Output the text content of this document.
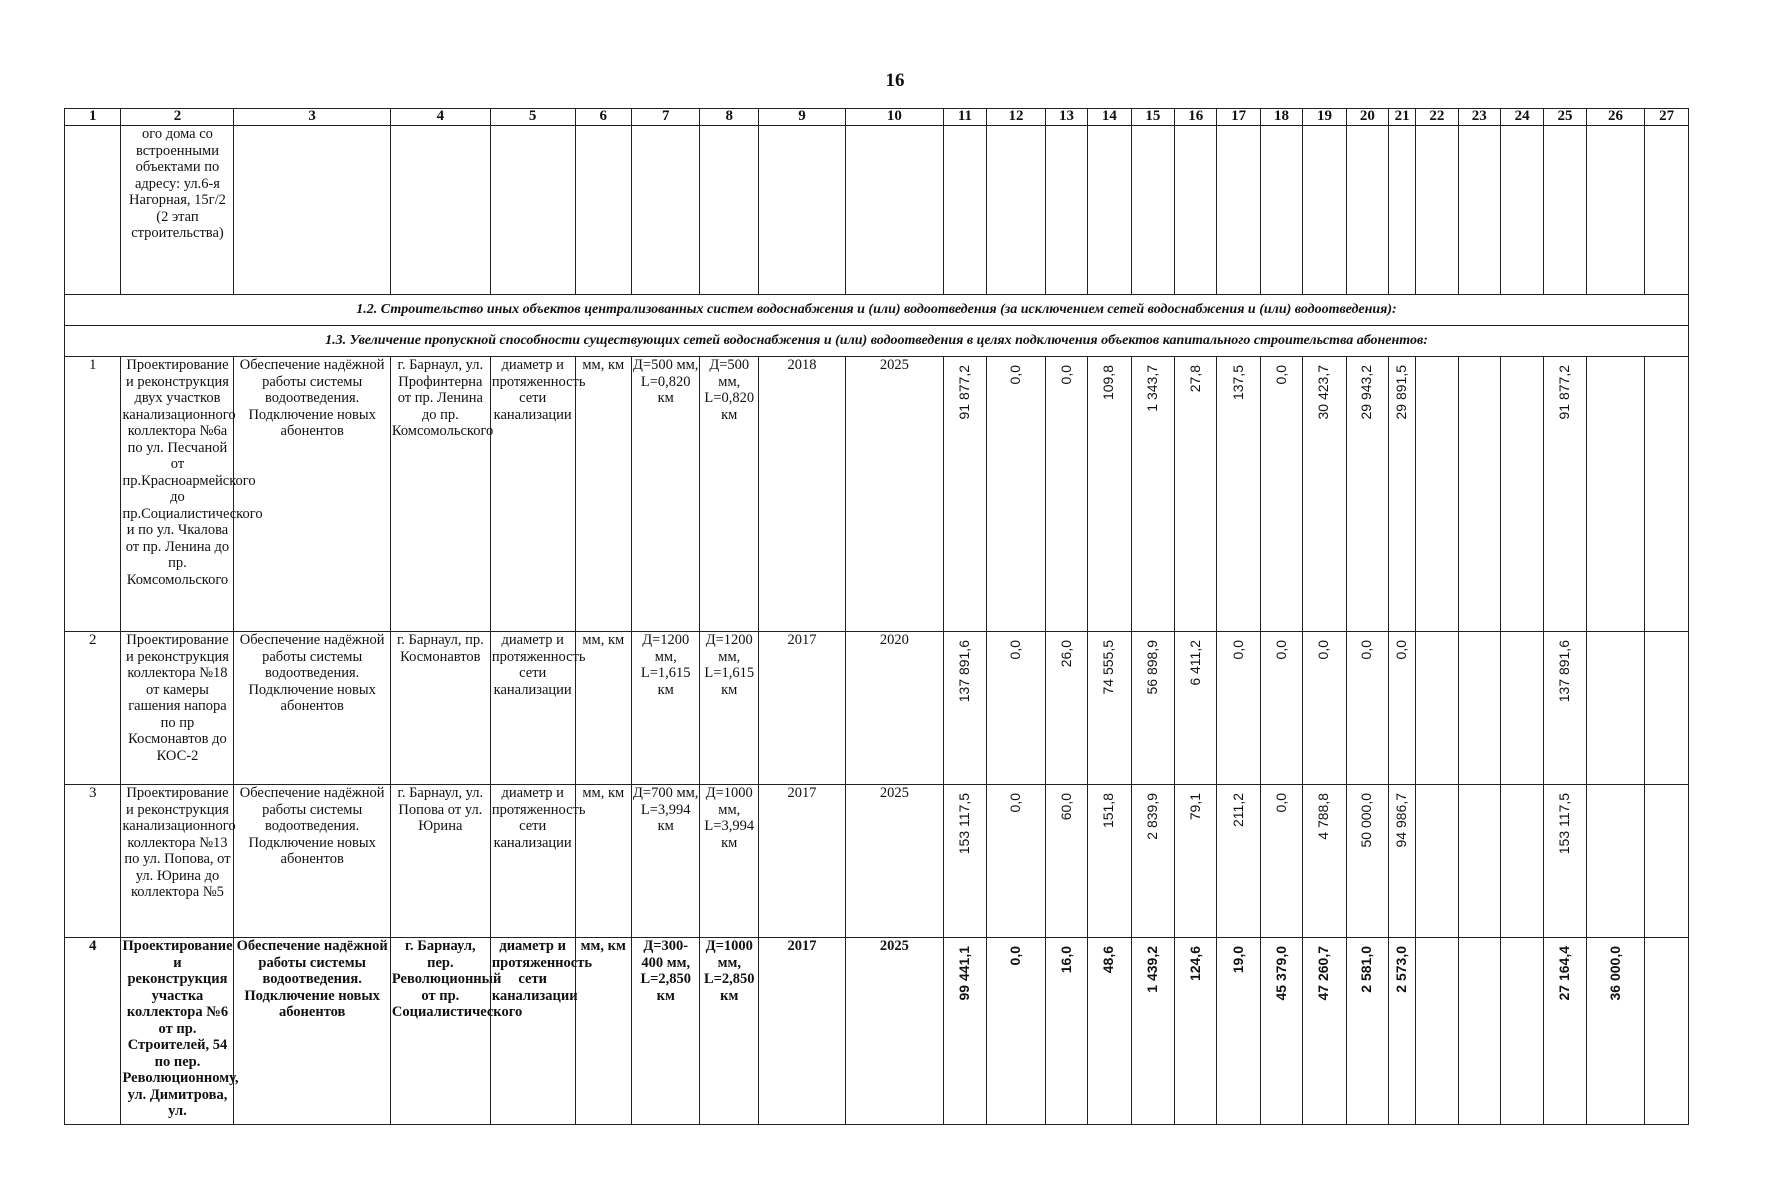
16
1	2	3	4	5	6	7	8	9	10	11	12	13	14	15	16	17	18	19	20	21	22	23	24	25	26	27
	ого дома со встроенными объектами по адресу: ул.6-я Нагорная, 15г/2 (2 этап строительства)																									
1.2. Строительство иных объектов централизованных систем водоснабжения и (или) водоотведения (за исключением сетей водоснабжения и (или) водоотведения):																										
1.3. Увеличение пропускной способности существующих сетей водоснабжения и (или) водоотведения в целях подключения объектов капитального строительства абонентов:																										
1	Проектирование и реконструкция двух участков канализационного коллектора №6а по ул. Песчаной от пр.Красноармейского до пр.Социалистического и по ул. Чкалова от пр. Ленина до пр. Комсомольского	Обеспечение надёжной работы системы водоотведения. Подключение новых абонентов	г. Барнаул, ул. Профинтерна от пр. Ленина до пр. Комсомольского	диаметр и протяженность сети канализации	мм, км	Д=500 мм, L=0,820 км	Д=500 мм, L=0,820 км	2018	2025	91 877,2	0,0	0,0	109,8	1 343,7	27,8	137,5	0,0	30 423,7	29 943,2	29 891,5				91 877,2		

2	Проектирование и реконструкция коллектора №18 от камеры гашения напора по пр Космонавтов до КОС-2	Обеспечение надёжной работы системы водоотведения. Подключение новых абонентов	г. Барнаул, пр. Космонавтов	диаметр и протяженность сети канализации	мм, км	Д=1200 мм, L=1,615 км	Д=1200 мм, L=1,615 км	2017	2020	137 891,6	0,0	26,0	74 555,5	56 898,9	6 411,2	0,0	0,0	0,0	0,0	0,0				137 891,6		

3	Проектирование и реконструкция канализационного коллектора №13 по ул. Попова, от ул. Юрина до коллектора №5	Обеспечение надёжной работы системы водоотведения. Подключение новых абонентов	г. Барнаул, ул. Попова от ул. Юрина	диаметр и протяженность сети канализации	мм, км	Д=700 мм, L=3,994 км	Д=1000 мм, L=3,994 км	2017	2025	153 117,5	0,0	60,0	151,8	2 839,9	79,1	211,2	0,0	4 788,8	50 000,0	94 986,7				153 117,5		

4	Проектирование и реконструкция участка коллектора №6 от пр. Строителей, 54 по пер. Революционному, ул. Димитрова, ул.	Обеспечение надёжной работы системы водоотведения. Подключение новых абонентов	г. Барнаул, пер. Революционный от пр. Социалистического	диаметр и протяженность сети канализации	мм, км	Д=300-400 мм, L=2,850 км	Д=1000 мм, L=2,850 км	2017	2025	99 441,1	0,0	16,0	48,6	1 439,2	124,6	19,0	45 379,0	47 260,7	2 581,0	2 573,0				27 164,4	36 000,0	
